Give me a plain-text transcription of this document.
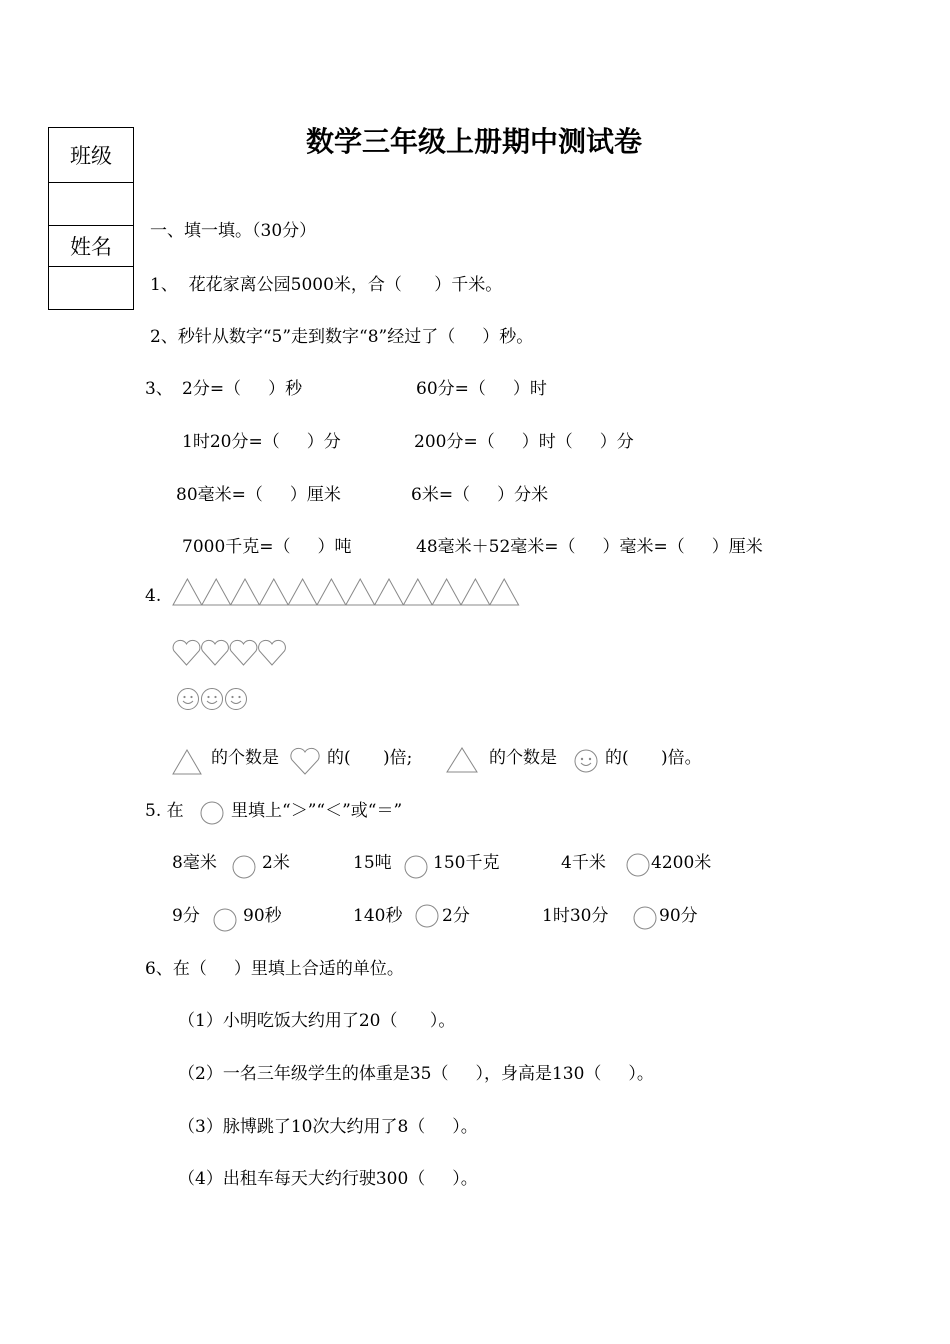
数学三年级上册期中测试卷
班级

姓名

一、填一填。（30分）
1、  花花家离公园5000米，合（      ）千米。
2、秒针从数字“5”走到数字“8”经过了（     ）秒。
3、 2分=（     ）秒	60分=（     ）时
1时20分=（     ）分	200分=（     ）时（     ）分
80毫米=（     ）厘米	6米=（     ）分米
7000千克=（     ）吨	48毫米＋52毫米=（     ）毫米=（     ）厘米
4.
的个数是	的(      )倍;	的个数是	的(      )倍。
5. 在	里填上“＞”“＜”或“＝”
8毫米	2米	15吨 150千克	4千米	4200米
9分	90秒	140秒 2分	1时30分	90分
6、在（     ）里填上合适的单位。
（1）小明吃饭大约用了20（      ）。
（2）一名三年级学生的体重是35（     ），身高是130（     ）。
（3）脉博跳了10次大约用了8（     ）。
（4）出租车每天大约行驶300（     ）。
